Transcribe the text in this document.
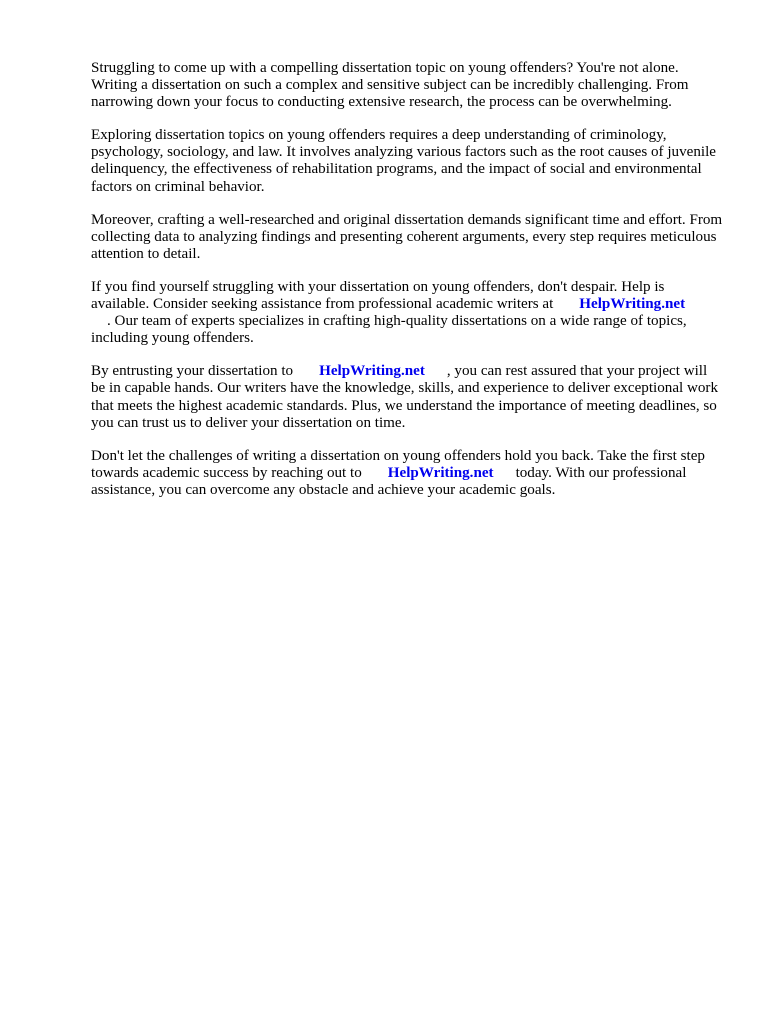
Struggling to come up with a compelling dissertation topic on young offenders? You're not alone. Writing a dissertation on such a complex and sensitive subject can be incredibly challenging. From narrowing down your focus to conducting extensive research, the process can be overwhelming.

Exploring dissertation topics on young offenders requires a deep understanding of criminology, psychology, sociology, and law. It involves analyzing various factors such as the root causes of juvenile delinquency, the effectiveness of rehabilitation programs, and the impact of social and environmental factors on criminal behavior.

Moreover, crafting a well-researched and original dissertation demands significant time and effort. From collecting data to analyzing findings and presenting coherent arguments, every step requires meticulous attention to detail.

If you find yourself struggling with your dissertation on young offenders, don't despair. Help is available. Consider seeking assistance from professional academic writers at HelpWriting.net
. Our team of experts specializes in crafting high-quality dissertations on a wide range of topics, including young offenders.

By entrusting your dissertation to HelpWriting.net , you can rest assured that your project will be in capable hands. Our writers have the knowledge, skills, and experience to deliver exceptional work that meets the highest academic standards. Plus, we understand the importance of meeting deadlines, so you can trust us to deliver your dissertation on time.

Don't let the challenges of writing a dissertation on young offenders hold you back. Take the first step towards academic success by reaching out to HelpWriting.net today. With our professional assistance, you can overcome any obstacle and achieve your academic goals.
